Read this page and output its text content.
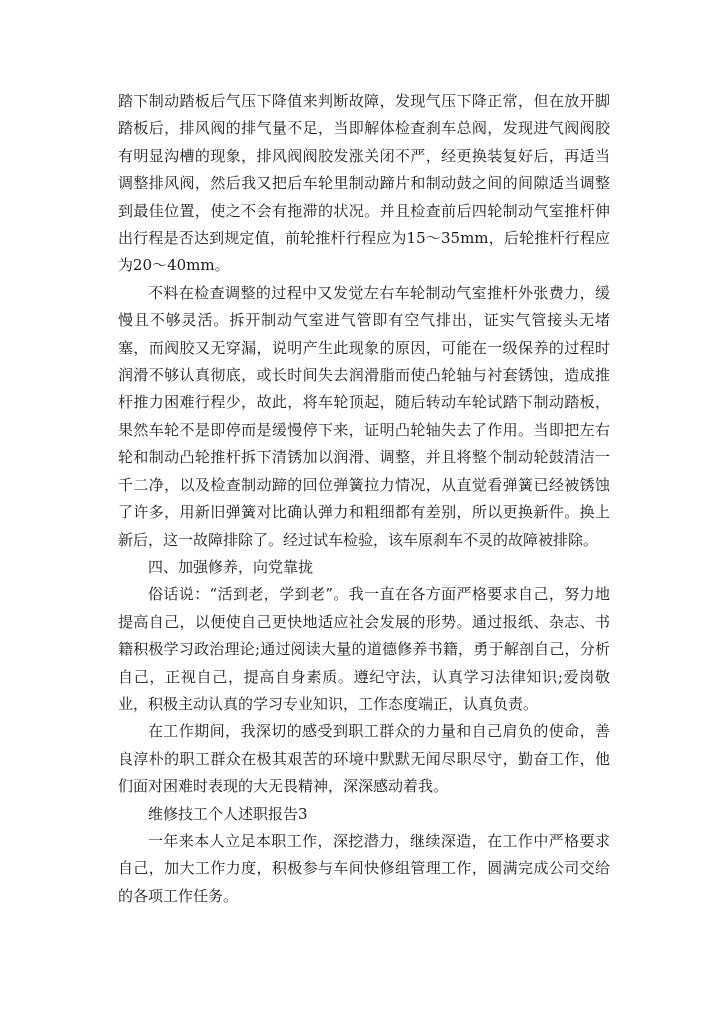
踏下制动踏板后气压下降值来判断故障，发现气压下降正常，但在放开脚踏板后，排风阀的排气量不足，当即解体检查刹车总阀，发现进气阀阀胶有明显沟槽的现象，排风阀阀胶发涨关闭不严，经更换装复好后，再适当调整排风阀，然后我又把后车轮里制动蹄片和制动鼓之间的间隙适当调整到最佳位置，使之不会有拖滞的状况。并且检查前后四轮制动气室推杆伸出行程是否达到规定值，前轮推杆行程应为15～35mm，后轮推杆行程应为20～40mm。

不料在检查调整的过程中又发觉左右车轮制动气室推杆外张费力，缓慢且不够灵活。拆开制动气室进气管即有空气排出，证实气管接头无堵塞，而阀胶又无穿漏，说明产生此现象的原因，可能在一级保养的过程时润滑不够认真彻底，或长时间失去润滑脂而使凸轮轴与衬套锈蚀，造成推杆推力困难行程少，故此，将车轮顶起，随后转动车轮试踏下制动踏板，果然车轮不是即停而是缓慢停下来，证明凸轮轴失去了作用。当即把左右轮和制动凸轮推杆拆下清锈加以润滑、调整，并且将整个制动轮鼓清洁一千二净，以及检查制动蹄的回位弹簧拉力情况，从直觉看弹簧已经被锈蚀了许多，用新旧弹簧对比确认弹力和粗细都有差别，所以更换新件。换上新后，这一故障排除了。经过试车检验，该车原刹车不灵的故障被排除。

四、加强修养，向党靠拢

俗话说：“活到老，学到老”。我一直在各方面严格要求自己，努力地提高自己，以便使自己更快地适应社会发展的形势。通过报纸、杂志、书籍积极学习政治理论;通过阅读大量的道德修养书籍，勇于解剖自己，分析自己，正视自己，提高自身素质。遵纪守法，认真学习法律知识;爱岗敬业，积极主动认真的学习专业知识，工作态度端正，认真负责。

在工作期间，我深切的感受到职工群众的力量和自己肩负的使命，善良淳朴的职工群众在极其艰苦的环境中默默无闻尽职尽守，勤奋工作，他们面对困难时表现的大无畏精神，深深感动着我。

维修技工个人述职报告3

一年来本人立足本职工作，深挖潜力，继续深造，在工作中严格要求自己，加大工作力度，积极参与车间快修组管理工作，圆满完成公司交给的各项工作任务。
